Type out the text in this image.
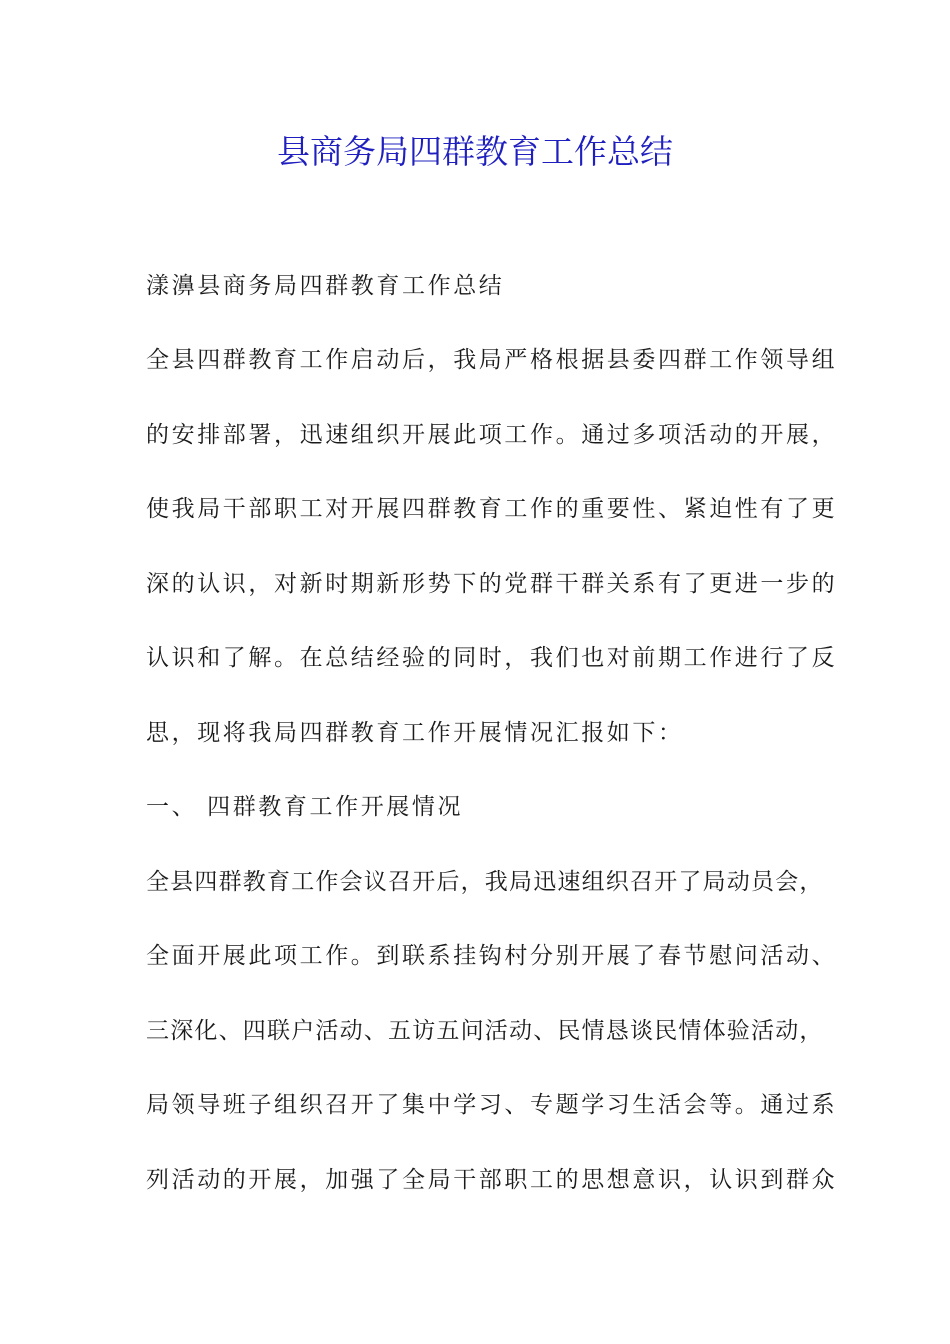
县商务局四群教育工作总结

漾濞县商务局四群教育工作总结

全县四群教育工作启动后，我局严格根据县委四群工作领导组

的安排部署，迅速组织开展此项工作。通过多项活动的开展，

使我局干部职工对开展四群教育工作的重要性、紧迫性有了更

深的认识，对新时期新形势下的党群干群关系有了更进一步的

认识和了解。在总结经验的同时，我们也对前期工作进行了反

思，现将我局四群教育工作开展情况汇报如下：

一、 四群教育工作开展情况

全县四群教育工作会议召开后，我局迅速组织召开了局动员会，

全面开展此项工作。到联系挂钩村分别开展了春节慰问活动、

三深化、四联户活动、五访五问活动、民情恳谈民情体验活动，

局领导班子组织召开了集中学习、专题学习生活会等。通过系

列活动的开展，加强了全局干部职工的思想意识，认识到群众
